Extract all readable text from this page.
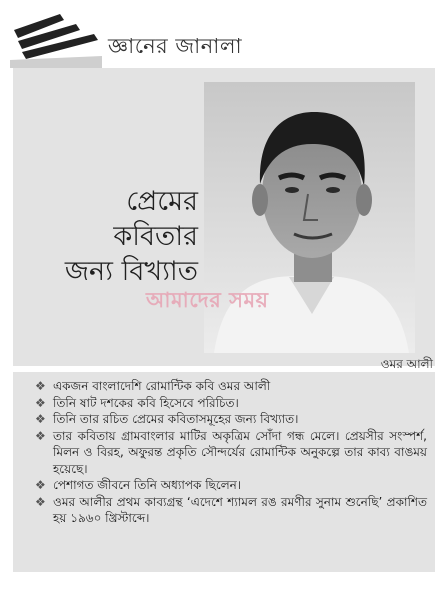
জ্ঞানের জানালা
প্রেমের
কবিতার
জন্য বিখ্যাত
আমাদের সময়
ওমর আলী
❖ একজন বাংলাদেশি রোমান্টিক কবি ওমর আলী
❖ তিনি ষাট দশকের কবি হিসেবে পরিচিত।
❖ তিনি তার রচিত প্রেমের কবিতাসমূহের জন্য বিখ্যাত।
❖ তার কবিতায় গ্রামবাংলার মাটির অকৃত্রিম সোঁদা গন্ধ মেলে। প্রেয়সীর সংস্পর্শ, মিলন ও বিরহ, অফুরন্ত প্রকৃতি সৌন্দর্যের রোমান্টিক অনুকল্পে তার কাব্য বাঙময় হয়েছে।
❖ পেশাগত জীবনে তিনি অধ্যাপক ছিলেন।
❖ ওমর আলীর প্রথম কাব্যগ্রন্থ ‘এদেশে শ্যামল রঙ রমণীর সুনাম শুনেছি’ প্রকাশিত হয় ১৯৬০ খ্রিস্টাব্দে।
